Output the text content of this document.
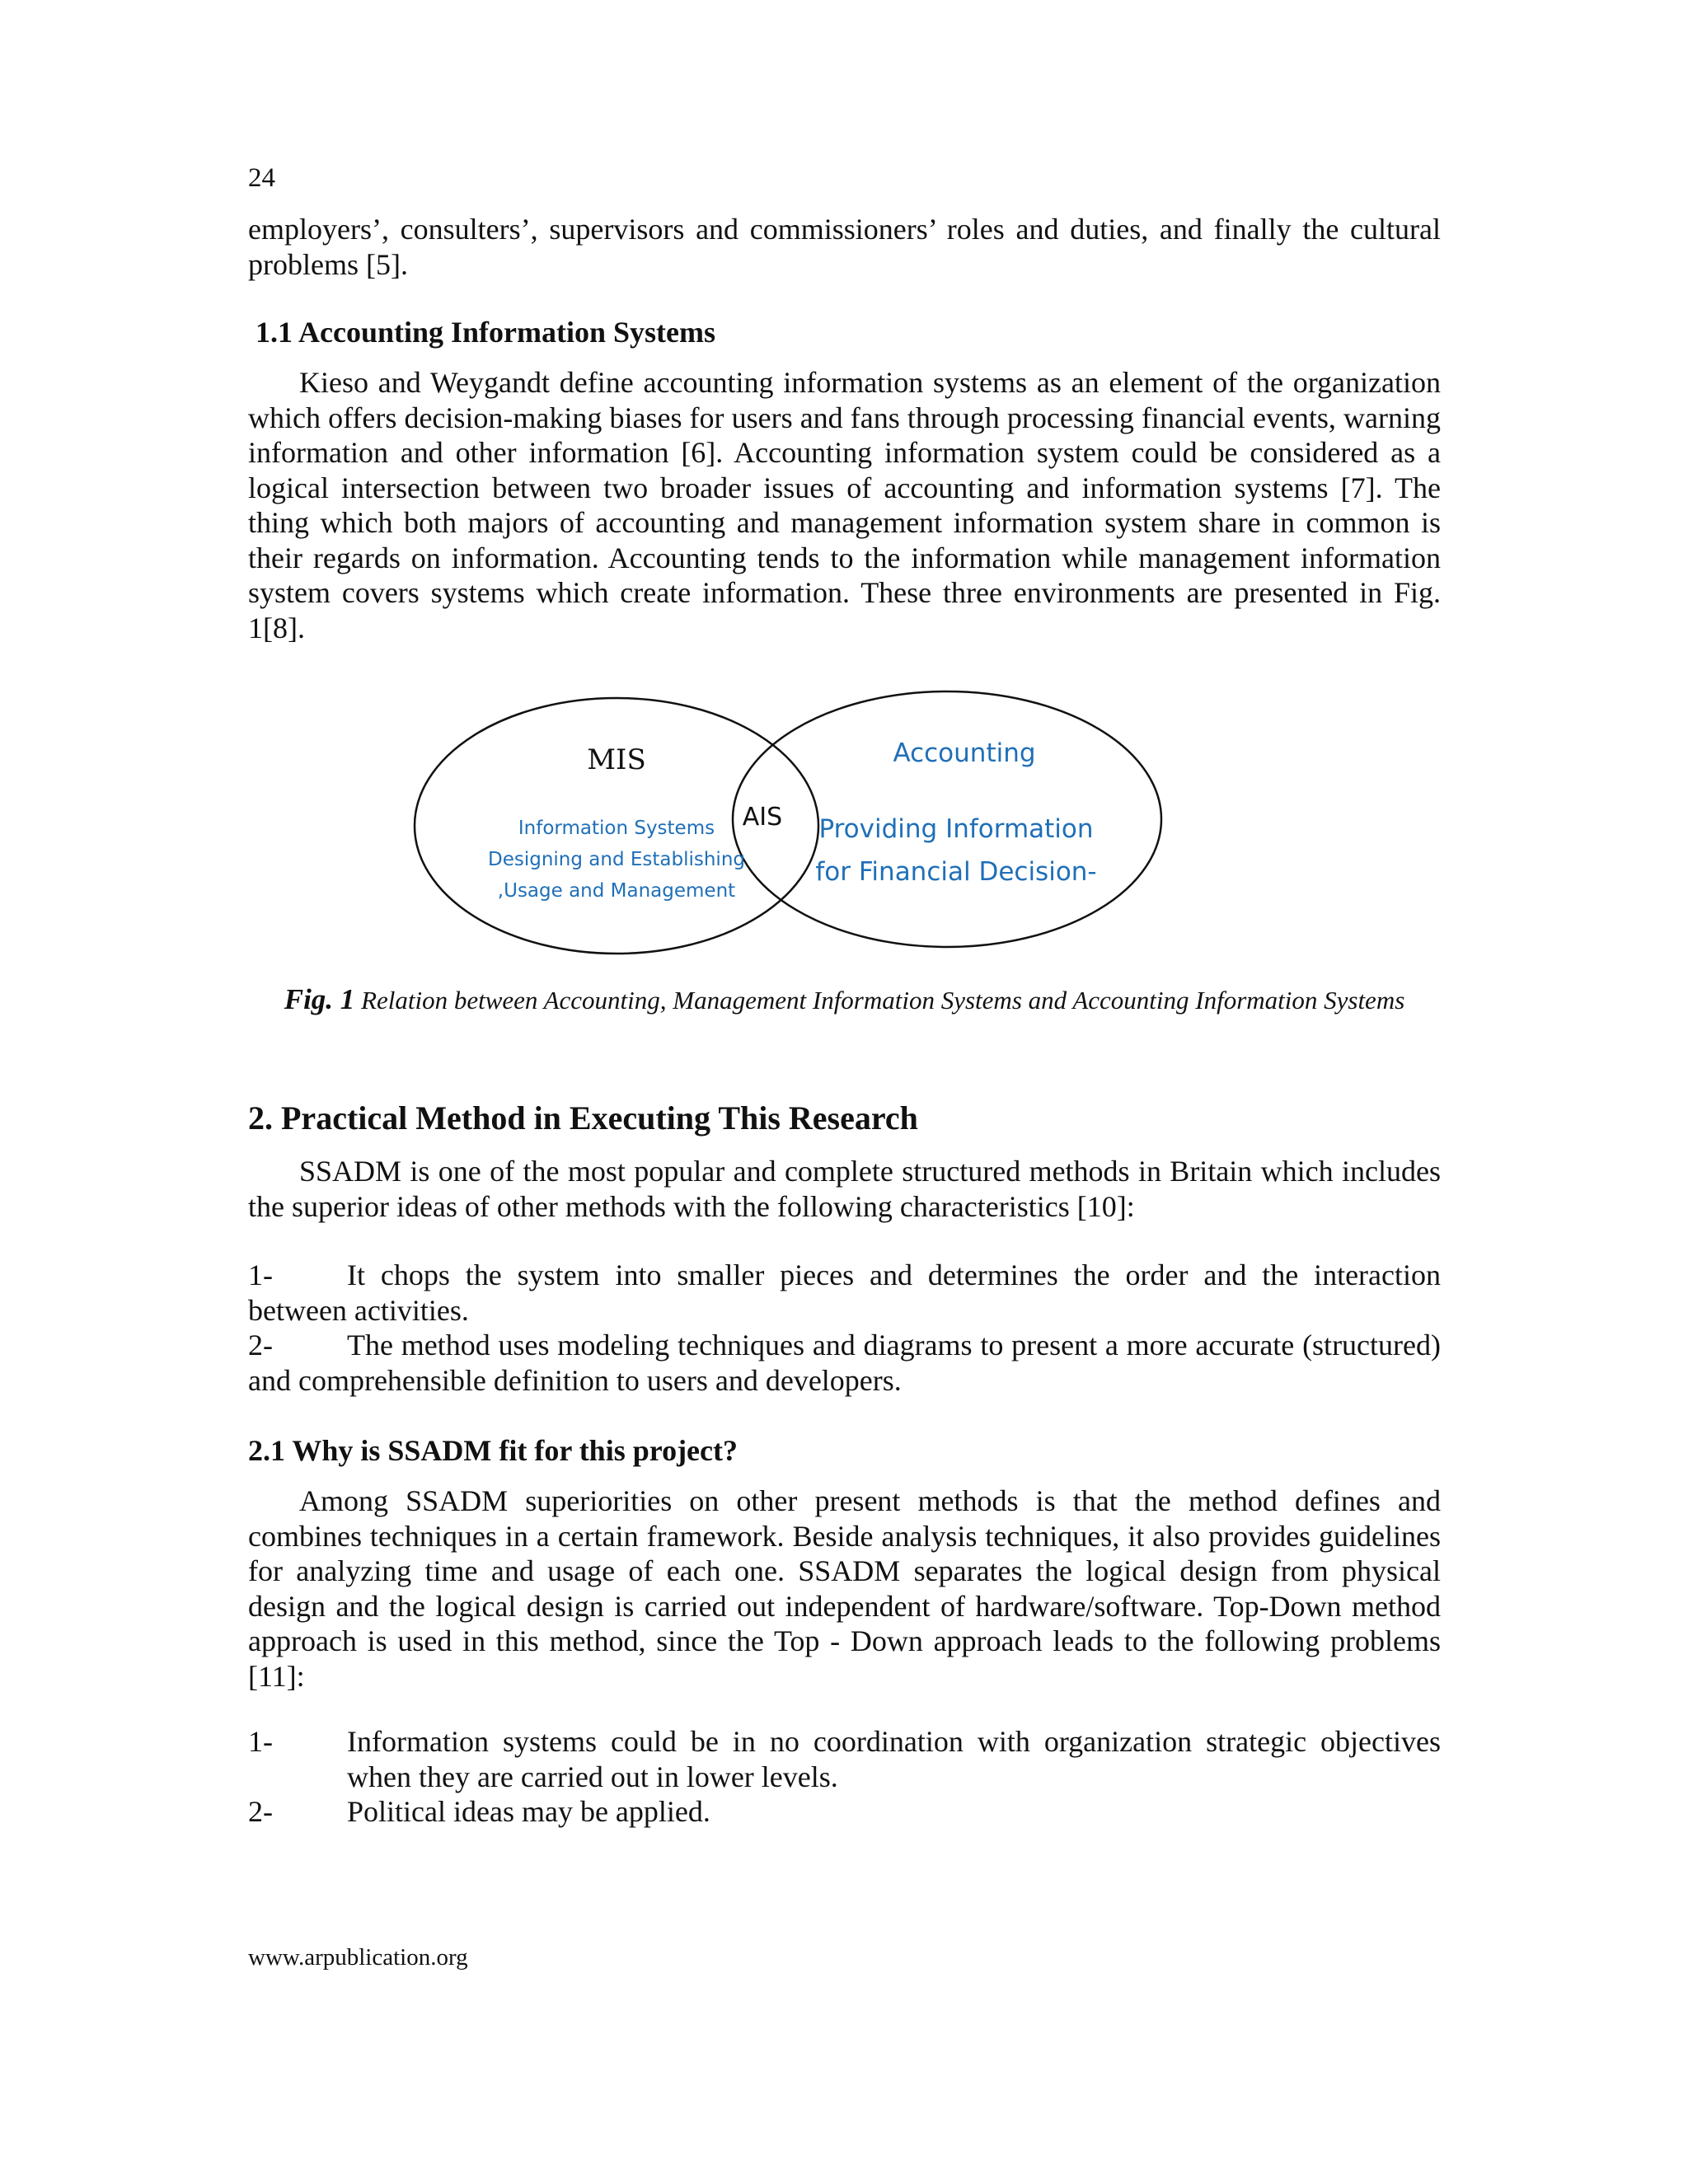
24

employers’, consulters’, supervisors and commissioners’ roles and duties, and finally the cultural problems [5].

1.1 Accounting Information Systems

Kieso and Weygandt define accounting information systems as an element of the organization which offers decision-making biases for users and fans through processing financial events, warning information and other information [6]. Accounting information system could be considered as a logical intersection between two broader issues of accounting and information systems [7]. The thing which both majors of accounting and management information system share in common is their regards on information. Accounting tends to the information while management information system covers systems which create information. These three environments are presented in Fig. 1[8].

MIS
Information Systems
Designing and Establishing
,Usage and Management
AIS
Accounting
Providing Information
for Financial Decision-

Fig. 1 Relation between Accounting, Management Information Systems and Accounting Information Systems

2. Practical Method in Executing This Research

SSADM is one of the most popular and complete structured methods in Britain which includes the superior ideas of other methods with the following characteristics [10]:

1-	It chops the system into smaller pieces and determines the order and the interaction between activities.

2-	The method uses modeling techniques and diagrams to present a more accurate (structured) and comprehensible definition to users and developers.

2.1 Why is SSADM fit for this project?

Among SSADM superiorities on other present methods is that the method defines and combines techniques in a certain framework. Beside analysis techniques, it also provides guidelines for analyzing time and usage of each one. SSADM separates the logical design from physical design and the logical design is carried out independent of hardware/software. Top-Down method approach is used in this method, since the Top - Down approach leads to the following problems [11]:

1-	Information systems could be in no coordination with organization strategic objectives when they are carried out in lower levels.

2-	Political ideas may be applied.

www.arpublication.org
